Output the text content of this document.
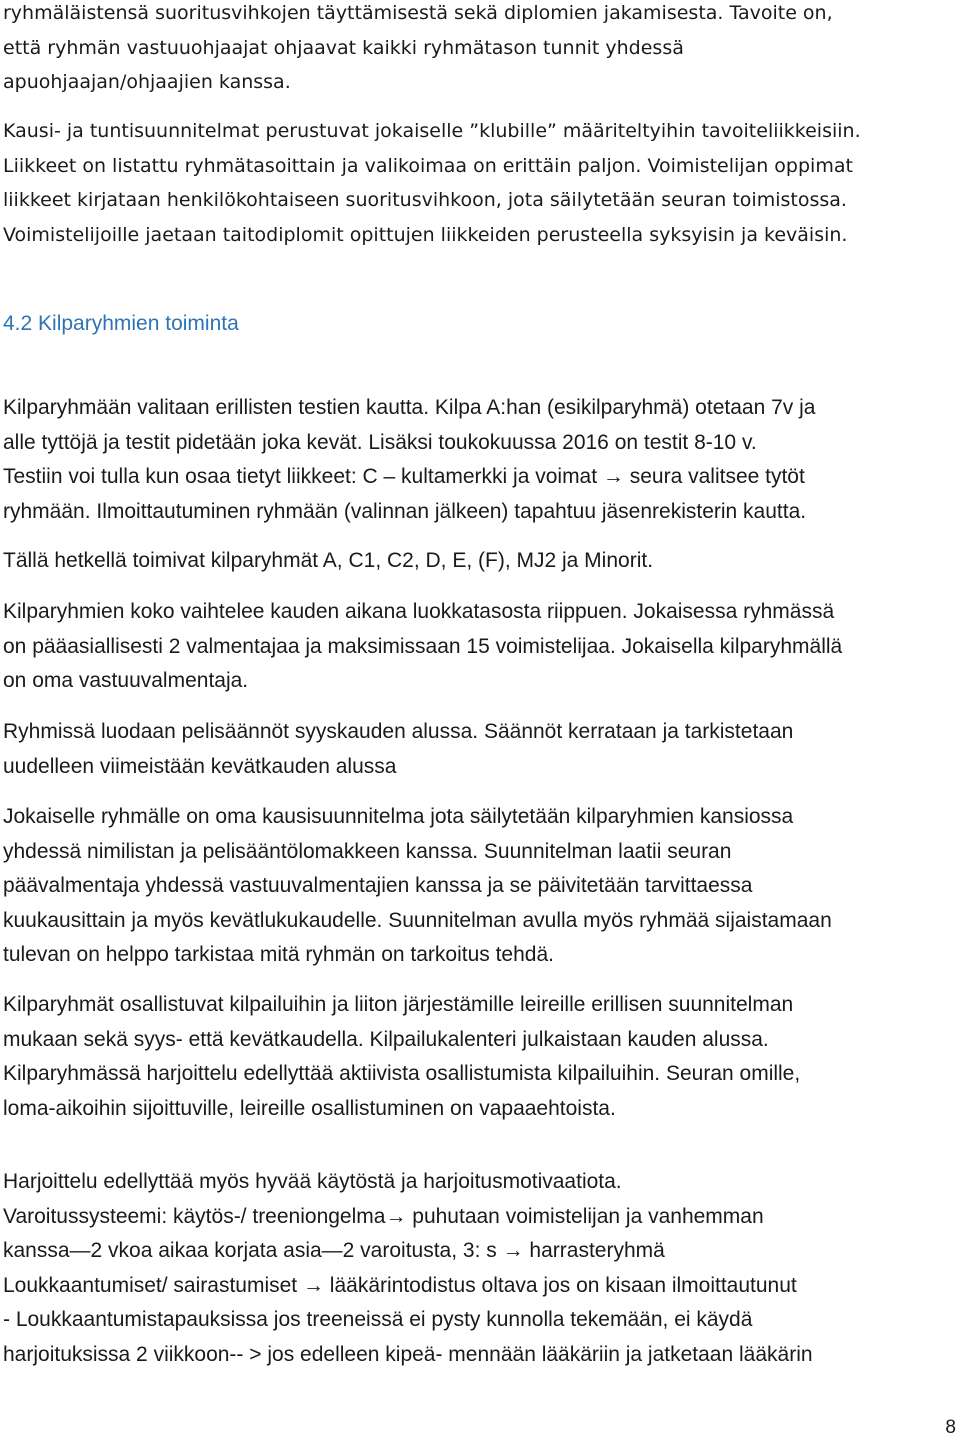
ryhmäläistensä suoritusvihkojen täyttämisestä sekä diplomien jakamisesta. Tavoite on,
että ryhmän vastuuohjaajat ohjaavat kaikki ryhmätason tunnit yhdessä
apuohjaajan/ohjaajien kanssa.
Kausi- ja tuntisuunnitelmat perustuvat jokaiselle ”klubille” määriteltyihin tavoiteliikkeisiin.
Liikkeet on listattu ryhmätasoittain ja valikoimaa on erittäin paljon. Voimistelijan oppimat
liikkeet kirjataan henkilökohtaiseen suoritusvihkoon, jota säilytetään seuran toimistossa.
Voimistelijoille jaetaan taitodiplomit opittujen liikkeiden perusteella syksyisin ja keväisin.
4.2 Kilparyhmien toiminta
Kilparyhmään valitaan erillisten testien kautta. Kilpa A:han (esikilparyhmä) otetaan 7v ja
alle tyttöjä ja testit pidetään joka kevät. Lisäksi toukokuussa 2016 on testit 8-10 v.
Testiin voi tulla kun osaa tietyt liikkeet: C – kultamerkki ja voimat → seura valitsee tytöt
ryhmään. Ilmoittautuminen ryhmään (valinnan jälkeen) tapahtuu jäsenrekisterin kautta.
Tällä hetkellä toimivat kilparyhmät A, C1, C2, D, E, (F), MJ2 ja Minorit.
Kilparyhmien koko vaihtelee kauden aikana luokkatasosta riippuen. Jokaisessa ryhmässä
on pääasiallisesti 2 valmentajaa ja maksimissaan 15 voimistelijaa. Jokaisella kilparyhmällä
on oma vastuuvalmentaja.
Ryhmissä luodaan pelisäännöt syyskauden alussa. Säännöt kerrataan ja tarkistetaan
uudelleen viimeistään kevätkauden alussa
Jokaiselle ryhmälle on oma kausisuunnitelma jota säilytetään kilparyhmien kansiossa
yhdessä nimilistan ja pelisääntölomakkeen kanssa. Suunnitelman laatii seuran
päävalmentaja yhdessä vastuuvalmentajien kanssa ja se päivitetään tarvittaessa
kuukausittain ja myös kevätlukukaudelle. Suunnitelman avulla myös ryhmää sijaistamaan
tulevan on helppo tarkistaa mitä ryhmän on tarkoitus tehdä.
Kilparyhmät osallistuvat kilpailuihin ja liiton järjestämille leireille erillisen suunnitelman
mukaan sekä syys- että kevätkaudella. Kilpailukalenteri julkaistaan kauden alussa.
Kilparyhmässä harjoittelu edellyttää aktiivista osallistumista kilpailuihin. Seuran omille,
loma-aikoihin sijoittuville, leireille osallistuminen on vapaaehtoista.
Harjoittelu edellyttää myös hyvää käytöstä ja harjoitusmotivaatiota.
Varoitussysteemi: käytös-/ treeniongelma→ puhutaan voimistelijan ja vanhemman
kanssa—2 vkoa aikaa korjata asia—2 varoitusta, 3: s → harrasteryhmä
Loukkaantumiset/ sairastumiset → lääkärintodistus oltava jos on kisaan ilmoittautunut
- Loukkaantumistapauksissa jos treeneissä ei pysty kunnolla tekemään, ei käydä
harjoituksissa 2 viikkoon-- > jos edelleen kipeä- mennään lääkäriin ja jatketaan lääkärin
8
